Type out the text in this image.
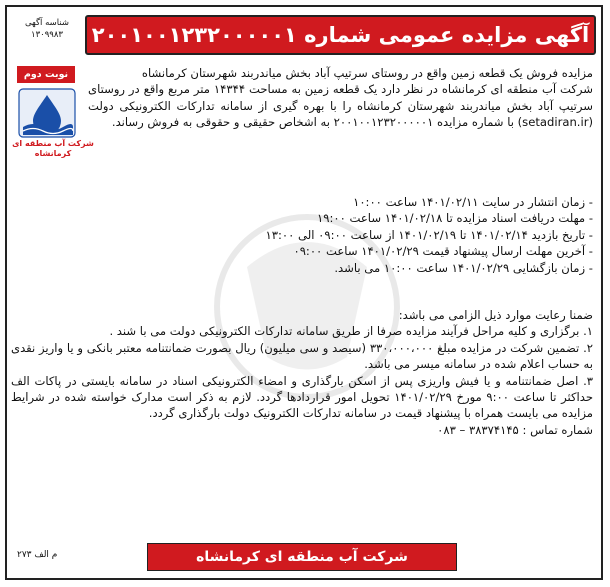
شناسه آگهی
۱۳۰۹۹۸۳	آگهی مزایده عمومی شماره ۲۰۰۱۰۰۱۲۳۲۰۰۰۰۰۱
نوبت دوم
شرکت آب منطقه ای
کرمانشاه

مزایده فروش یک قطعه زمین واقع در روستای سرتیپ آباد بخش میاندربند شهرستان کرمانشاه

شرکت آب منطقه ای کرمانشاه در نظر دارد یک قطعه زمین به مساحت ۱۴۳۴۴ متر مربع واقع در روستای سرتیپ آباد بخش میاندربند شهرستان کرمانشاه را با بهره گیری از سامانه تدارکات الکترونیکی دولت (setadiran.ir) با شماره مزایده ۲۰۰۱۰۰۱۲۳۲۰۰۰۰۰۱ به اشخاص حقیقی و حقوقی به فروش رساند.

- زمان انتشار در سایت ۱۴۰۱/۰۲/۱۱ ساعت ۱۰:۰۰
- مهلت دریافت اسناد مزایده تا ۱۴۰۱/۰۲/۱۸ ساعت ۱۹:۰۰
- تاریخ بازدید ۱۴۰۱/۰۲/۱۴ تا ۱۴۰۱/۰۲/۱۹ از ساعت ۰۹:۰۰ الی ۱۳:۰۰
- آخرین مهلت ارسال پیشنهاد قیمت ۱۴۰۱/۰۲/۲۹ ساعت ۰۹:۰۰
- زمان بازگشایی ۱۴۰۱/۰۲/۲۹ ساعت ۱۰:۰۰ می باشد.

ضمنا رعایت موارد ذیل الزامی می باشد:

۱. برگزاری و کلیه مراحل فرآیند مزایده صرفا از طریق سامانه تدارکات الکترونیکی دولت می با شند .

۲. تضمین شرکت در مزایده مبلغ ۳۳۰،۰۰۰،۰۰۰ (سیصد و سی میلیون) ریال بصورت ضمانتنامه معتبر بانکی و یا واریز نقدی به حساب اعلام شده در سامانه میسر می باشد.

۳. اصل ضمانتنامه و یا فیش واریزی پس از اسکن بارگذاری و امضاء الکترونیکی اسناد در سامانه بایستی در پاکات الف حداکثر تا ساعت ۹:۰۰ مورخ ۱۴۰۱/۰۲/۲۹ تحویل امور قراردادها گردد. لازم به ذکر است مدارک خواسته شده در شرایط مزایده می بایست همراه با پیشنهاد قیمت در سامانه تدارکات الکترونیک دولت بارگذاری گردد.

شماره تماس : ۳۸۳۷۴۱۴۵ – ۰۸۳

شرکت آب منطقه ای کرمانشاه
م الف ۲۷۳
